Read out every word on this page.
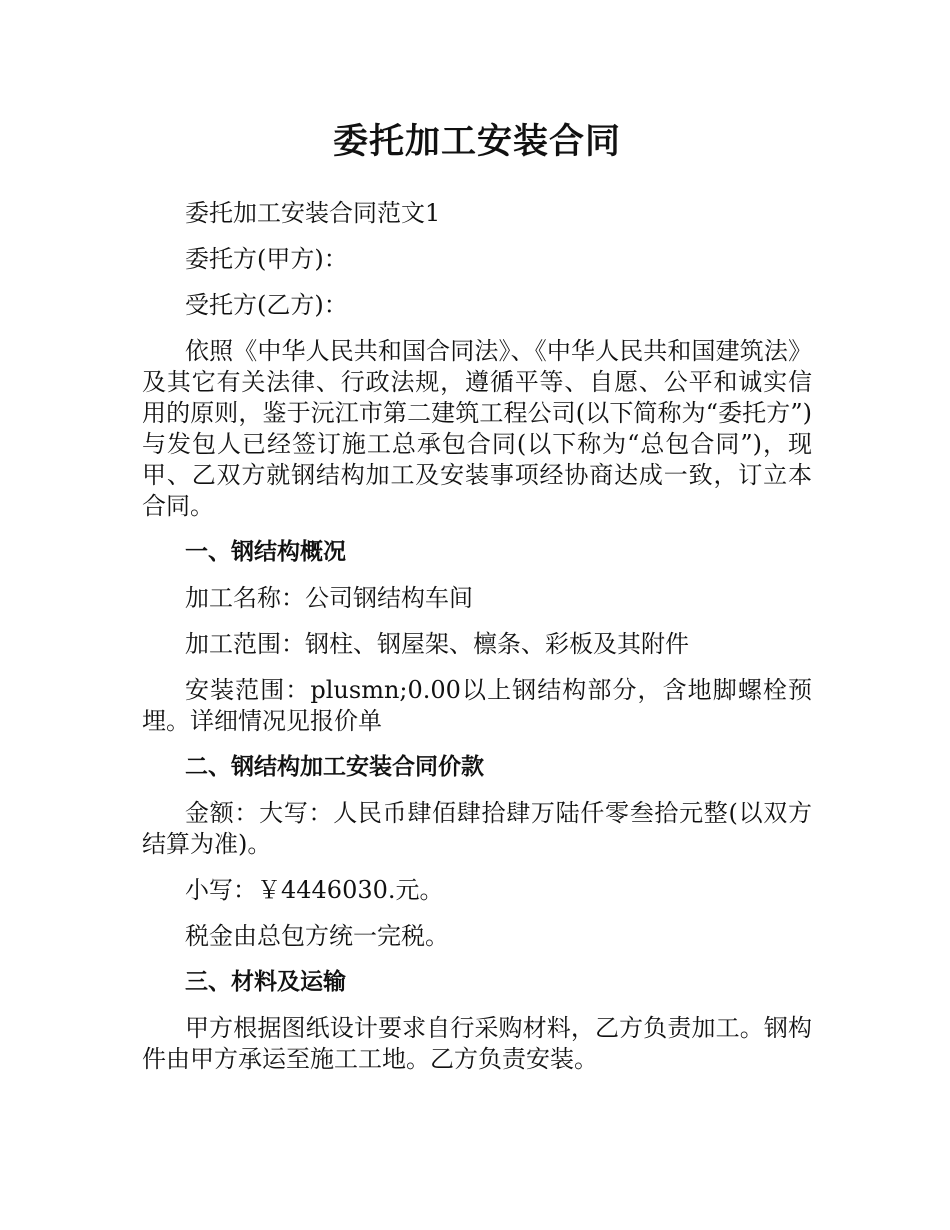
委托加工安装合同

委托加工安装合同范文1

委托方(甲方)：

受托方(乙方)：

依照《中华人民共和国合同法》、《中华人民共和国建筑法》及其它有关法律、行政法规，遵循平等、自愿、公平和诚实信用的原则，鉴于沅江市第二建筑工程公司(以下简称为“委托方”)与发包人已经签订施工总承包合同(以下称为“总包合同”)，现甲、乙双方就钢结构加工及安装事项经协商达成一致，订立本合同。

一、钢结构概况

加工名称：公司钢结构车间

加工范围：钢柱、钢屋架、檩条、彩板及其附件

安装范围：plusmn;0.00以上钢结构部分，含地脚螺栓预埋。详细情况见报价单

二、钢结构加工安装合同价款

金额：大写：人民币肆佰肆拾肆万陆仟零叁拾元整(以双方结算为准)。

小写：￥4446030.元。

税金由总包方统一完税。

三、材料及运输

甲方根据图纸设计要求自行采购材料，乙方负责加工。钢构件由甲方承运至施工工地。乙方负责安装。
